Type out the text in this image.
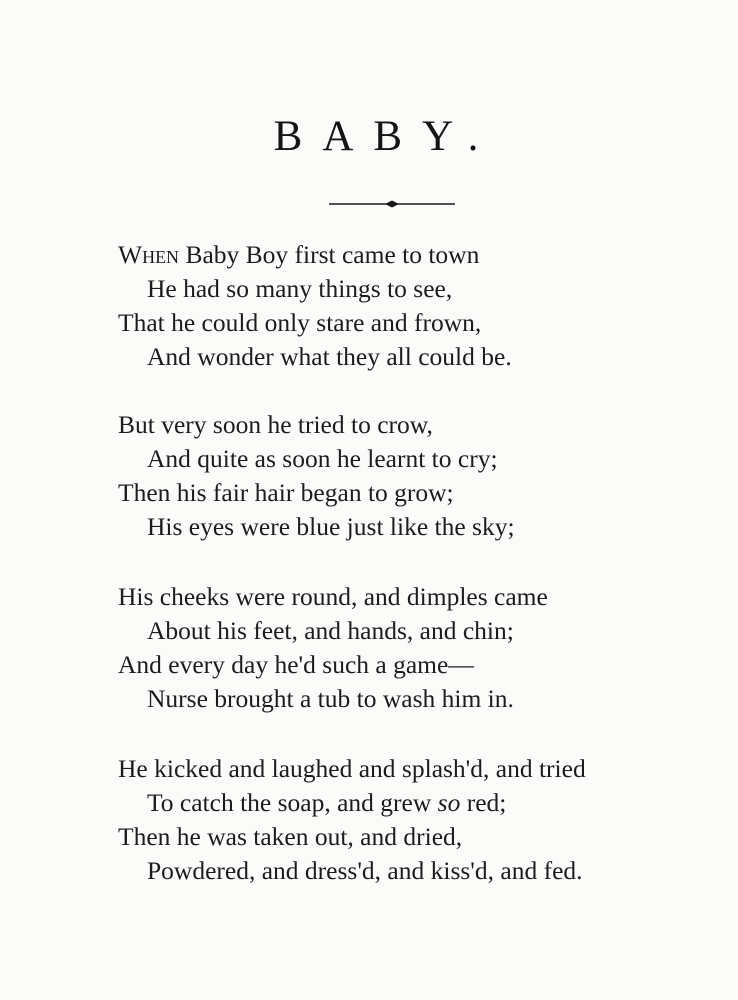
BABY.

When Baby Boy first came to town

He had so many things to see,

That he could only stare and frown,

And wonder what they all could be.

But very soon he tried to crow,

And quite as soon he learnt to cry;

Then his fair hair began to grow;

His eyes were blue just like the sky;

His cheeks were round, and dimples came

About his feet, and hands, and chin;

And every day he'd such a game—

Nurse brought a tub to wash him in.

He kicked and laughed and splash'd, and tried

To catch the soap, and grew so red;

Then he was taken out, and dried,

Powdered, and dress'd, and kiss'd, and fed.
